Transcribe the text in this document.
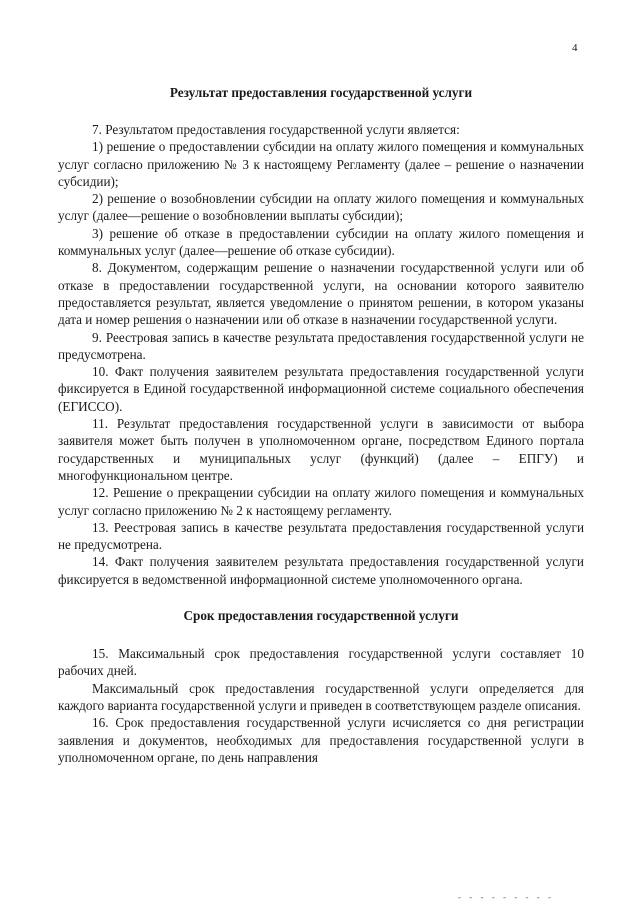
4
Результат предоставления государственной услуги

7. Результатом предоставления государственной услуги является:

1) решение о предоставлении субсидии на оплату жилого помещения и коммунальных услуг согласно приложению № 3 к настоящему Регламенту (далее – решение о назначении субсидии);

2) решение о возобновлении субсидии на оплату жилого помещения и коммунальных услуг (далее—решение о возобновлении выплаты субсидии);

3) решение об отказе в предоставлении субсидии на оплату жилого помещения и коммунальных услуг (далее—решение об отказе субсидии).

8. Документом, содержащим решение о назначении государственной услуги или об отказе в предоставлении государственной услуги, на основании которого заявителю предоставляется результат, является уведомление о принятом решении, в котором указаны дата и номер решения о назначении или об отказе в назначении государственной услуги.

9. Реестровая запись в качестве результата предоставления государственной услуги не предусмотрена.

10. Факт получения заявителем результата предоставления государственной услуги фиксируется в Единой государственной информационной системе социального обеспечения (ЕГИССО).

11. Результат предоставления государственной услуги в зависимости от выбора заявителя может быть получен в уполномоченном органе, посредством Единого портала государственных и муниципальных услуг (функций) (далее – ЕПГУ) и многофункциональном центре.

12. Решение о прекращении субсидии на оплату жилого помещения и коммунальных услуг согласно приложению № 2 к настоящему регламенту.

13. Реестровая запись в качестве результата предоставления государственной услуги не предусмотрена.

14. Факт получения заявителем результата предоставления государственной услуги фиксируется в ведомственной информационной системе уполномоченного органа.

Срок предоставления государственной услуги

15. Максимальный срок предоставления государственной услуги составляет 10 рабочих дней.

Максимальный срок предоставления государственной услуги определяется для каждого варианта государственной услуги и приведен в соответствующем разделе описания.

16. Срок предоставления государственной услуги исчисляется со дня регистрации заявления и документов, необходимых для предоставления государственной услуги в уполномоченном органе, по день направления

- - - - - - - - -
